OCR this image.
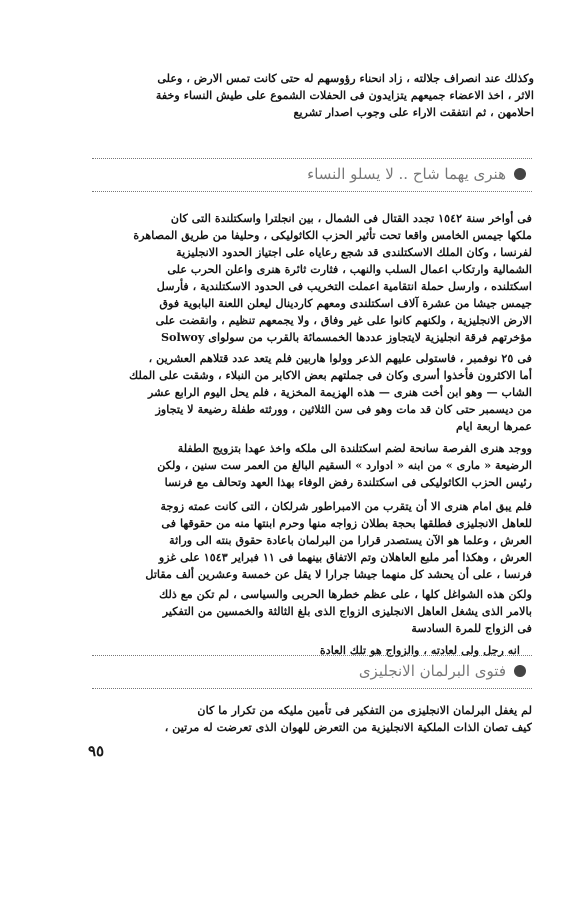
وكذلك عند انصراف جلالته ، زاد انحناء رؤوسهم له حتى كانت تمس الارض ، وعلى
الاثر ، اخذ الاعضاء جميعهم يتزايدون فى الحفلات الشموع على طيش النساء وخفة
احلامهن ، ثم انتفقت الاراء على وجوب اصدار تشريع
هنرى يهما شاح .. لا يسلو النساء
فى أواخر سنة ١٥٤٢ تجدد القتال فى الشمال ، بين انجلترا واسكتلندة التى كان
ملكها جيمس الخامس واقعا تحت تأثير الحزب الكاثوليكى ، وحليفا من طريق المصاهرة
لفرنسا ، وكان الملك الاسكتلندى قد شجع رعاياه على اجتياز الحدود الانجليزية
الشمالية وارتكاب اعمال السلب والنهب ، فثارت ثائرة هنرى واعلن الحرب على
اسكتلنده ، وارسل حملة انتقامية اعملت التخريب فى الحدود الاسكتلندية ، فأرسل
جيمس جيشا من عشرة آلاف اسكتلندى ومعهم كاردينال ليعلن اللعنة البابوية فوق
الارض الانجليزية ، ولكنهم كانوا على غير وفاق ، ولا يجمعهم تنظيم ، وانقضت على
مؤخرتهم فرقة انجليزية لايتجاوز عددها الخمسمائة بالقرب من سولواى Solwoy
فى ٢٥ نوفمبر ، فاستولى عليهم الذعر وولوا هاربين فلم يتعد عدد قتلاهم العشرين ،
أما الاكثرون فأخذوا أسرى وكان فى جملتهم بعض الاكابر من النبلاء ، وشقت على الملك
الشاب — وهو ابن أخت هنرى — هذه الهزيمة المخزية ، فلم يحل اليوم الرابع عشر
من ديسمبر حتى كان قد مات وهو فى سن الثلاثين ، وورثته طفلة رضيعة لا يتجاوز
عمرها اربعة ايام
ووجد هنرى الفرصة سانحة لضم اسكتلندة الى ملكه واخذ عهدا بتزويج الطفلة
الرضيعة « مارى » من ابنه « ادوارد » السقيم البالغ من العمر ست سنين ، ولكن
رئيس الحزب الكاثوليكى فى اسكتلندة رفض الوفاء بهذا العهد وتحالف مع فرنسا
فلم يبق امام هنرى الا أن يتقرب من الامبراطور شرلكان ، التى كانت عمته زوجة
للعاهل الانجليزى فطلقها بحجة بطلان زواجه منها وحرم ابنتها منه من حقوقها فى
العرش ، وعلما هو الآن يستصدر قرارا من البرلمان باعادة حقوق بنته الى وراثة
العرش ، وهكذا أمر ملبع العاهلان وتم الاتفاق بينهما فى ١١ فبراير ١٥٤٣ على غزو
فرنسا ، على أن يحشد كل منهما جيشا جرارا لا يقل عن خمسة وعشرين ألف مقاتل
ولكن هذه الشواغل كلها ، على عظم خطرها الحربى والسياسى ، لم تكن مع ذلك
بالامر الذى يشغل العاهل الانجليزى الزواج الذى بلغ الثالثة والخمسين من التفكير
فى الزواج للمرة السادسة
انه رجل ولى لعادته ، والزواج هو تلك العادة
فتوى البرلمان الانجليزى
لم يغفل البرلمان الانجليزى من التفكير فى تأمين مليكه من تكرار ما كان
كيف تصان الذات الملكية الانجليزية من التعرض للهوان الذى تعرضت له مرتين ،
٩٥
